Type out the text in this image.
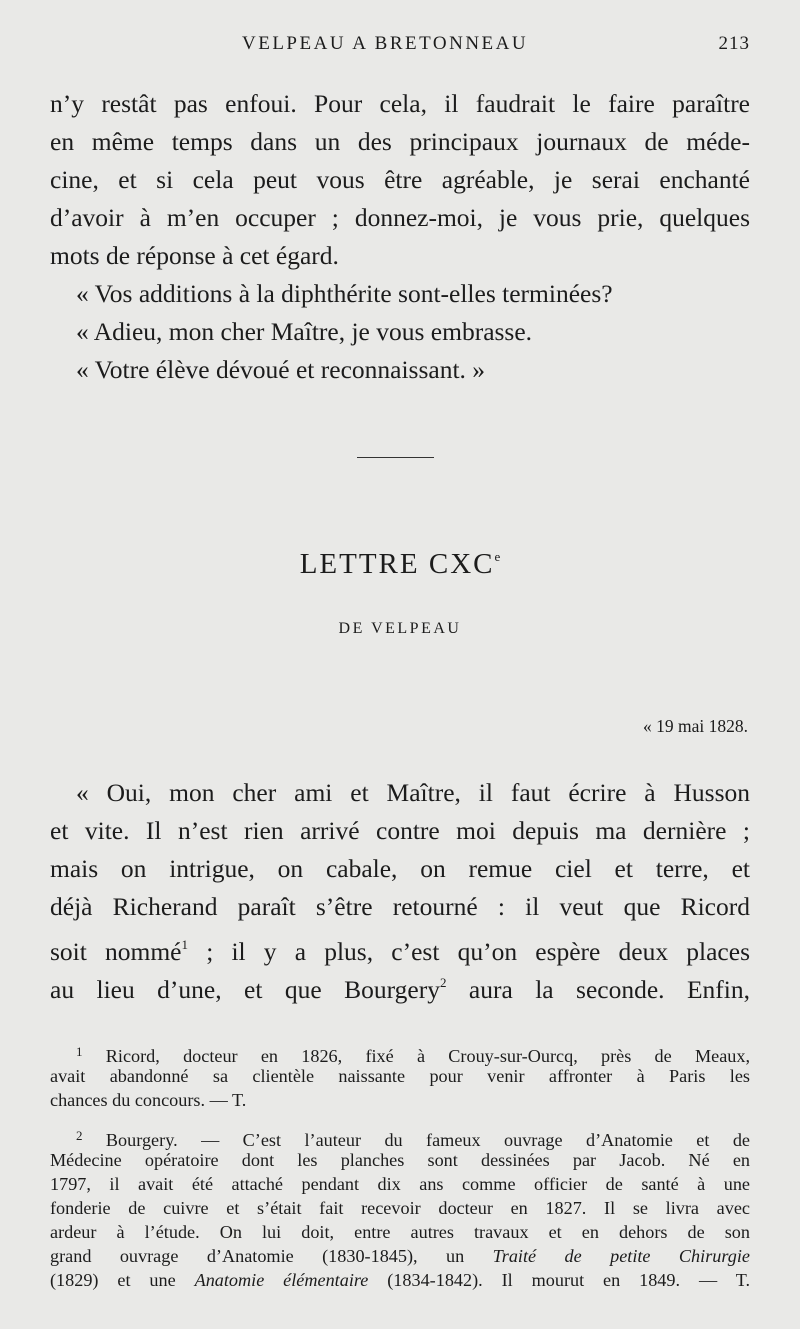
VELPEAU A BRETONNEAU	213
n’y restât pas enfoui. Pour cela, il faudrait le faire paraître
en même temps dans un des principaux journaux de méde-
cine, et si cela peut vous être agréable, je serai enchanté
d’avoir à m’en occuper ; donnez-moi, je vous prie, quelques
mots de réponse à cet égard.
« Vos additions à la diphthérite sont-elles terminées?
« Adieu, mon cher Maître, je vous embrasse.
« Votre élève dévoué et reconnaissant. »
LETTRE CXCe
DE VELPEAU
« 19 mai 1828.
« Oui, mon cher ami et Maître, il faut écrire à Husson
et vite. Il n’est rien arrivé contre moi depuis ma dernière ;
mais on intrigue, on cabale, on remue ciel et terre, et
déjà Richerand paraît s’être retourné : il veut que Ricord
soit nommé$^1$ ; il y a plus, c’est qu’on espère deux places
au lieu d’une, et que Bourgery$^2$ aura la seconde. Enfin,
$^1$ Ricord, docteur en 1826, fixé à Crouy-sur-Ourcq, près de Meaux,
avait abandonné sa clientèle naissante pour venir affronter à Paris les
chances du concours. — T.
$^2$ Bourgery. — C’est l’auteur du fameux ouvrage d’Anatomie et de
Médecine opératoire dont les planches sont dessinées par Jacob. Né en
1797, il avait été attaché pendant dix ans comme officier de santé à une
fonderie de cuivre et s’était fait recevoir docteur en 1827. Il se livra avec
ardeur à l’étude. On lui doit, entre autres travaux et en dehors de son
grand ouvrage d’Anatomie (1830-1845), un Traité de petite Chirurgie
(1829) et une Anatomie élémentaire (1834-1842). Il mourut en 1849. — T.
